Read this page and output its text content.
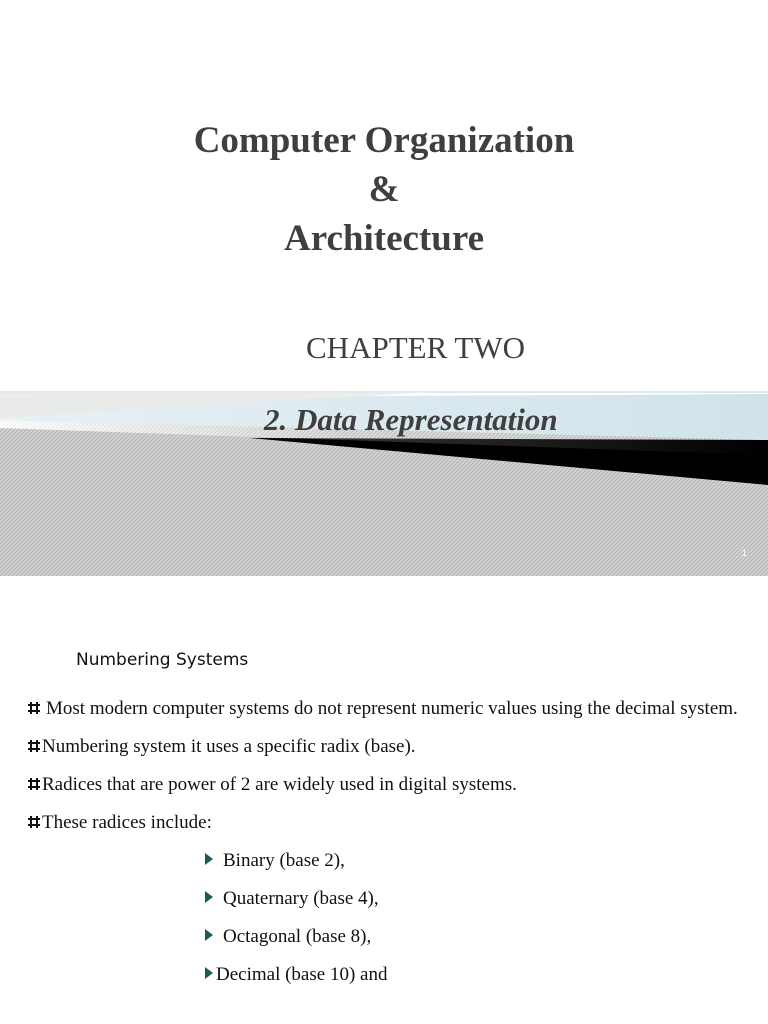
Computer Organization
&
Architecture
CHAPTER TWO
2. Data Representation
1
Numbering Systems
Most modern computer systems do not represent numeric values using the decimal system.
Numbering system it uses a specific radix (base).
Radices that are power of 2 are widely used in digital systems.
These radices include:
Binary (base 2),
Quaternary (base 4),
Octagonal (base 8),
Decimal (base 10) and
